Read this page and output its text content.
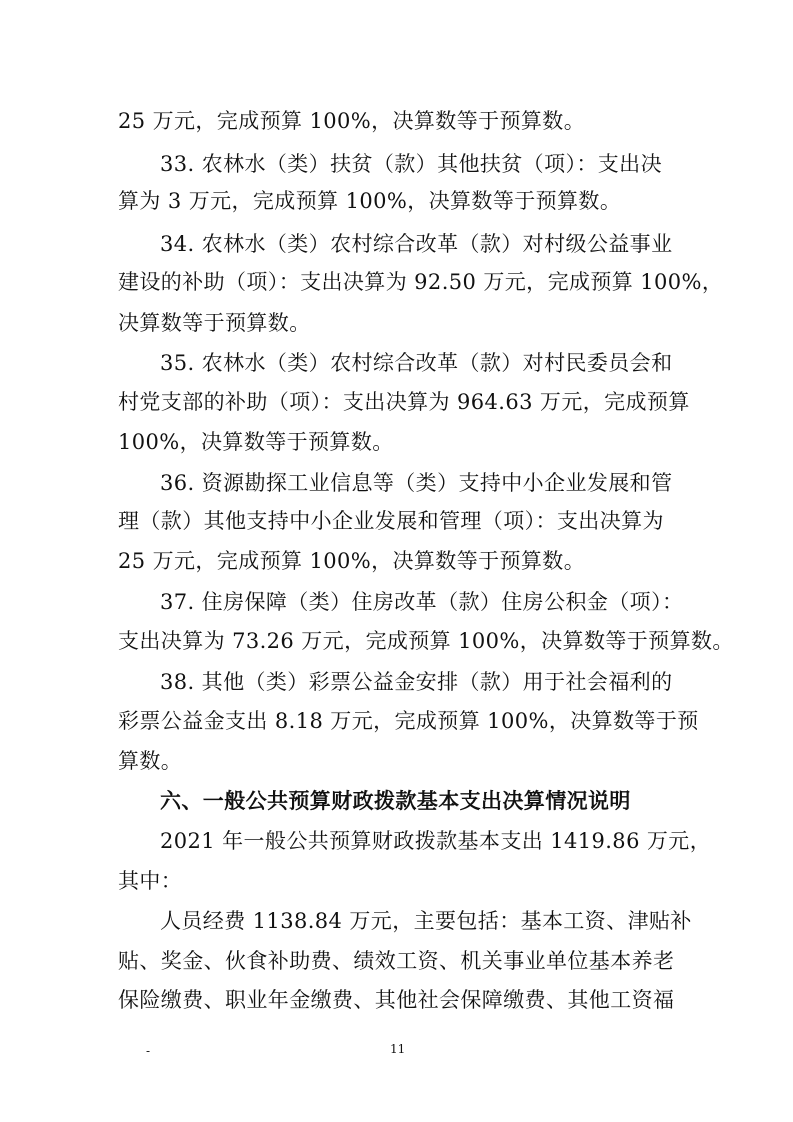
25 万元，完成预算 100%，决算数等于预算数。
33. 农林水（类）扶贫（款）其他扶贫（项）：支出决
算为 3 万元，完成预算 100%，决算数等于预算数。
34. 农林水（类）农村综合改革（款）对村级公益事业
建设的补助（项）：支出决算为 92.50 万元，完成预算 100%，
决算数等于预算数。
35. 农林水（类）农村综合改革（款）对村民委员会和
村党支部的补助（项）：支出决算为 964.63 万元，完成预算
100%，决算数等于预算数。
36. 资源勘探工业信息等（类）支持中小企业发展和管
理（款）其他支持中小企业发展和管理（项）：支出决算为
25 万元，完成预算 100%，决算数等于预算数。
37. 住房保障（类）住房改革（款）住房公积金（项）：
支出决算为 73.26 万元，完成预算 100%，决算数等于预算数。
38. 其他（类）彩票公益金安排（款）用于社会福利的
彩票公益金支出 8.18 万元，完成预算 100%，决算数等于预
算数。
六、一般公共预算财政拨款基本支出决算情况说明
2021 年一般公共预算财政拨款基本支出 1419.86 万元，
其中：
人员经费 1138.84 万元，主要包括：基本工资、津贴补
贴、奖金、伙食补助费、绩效工资、机关事业单位基本养老
保险缴费、职业年金缴费、其他社会保障缴费、其他工资福
-	11
